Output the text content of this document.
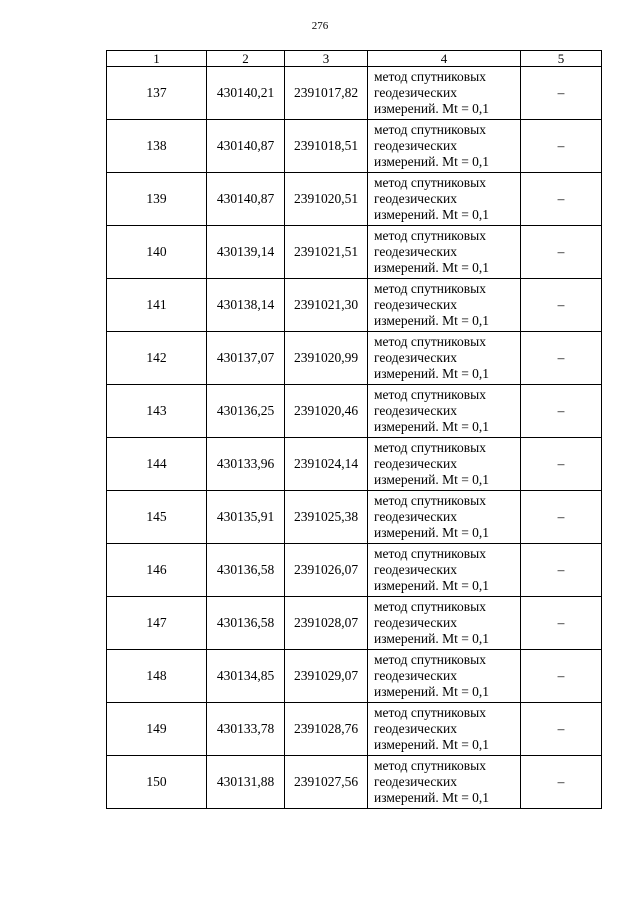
276
1	2	3	4	5
137	430140,21	2391017,82	метод спутниковых
геодезических
измерений. Mt = 0,1	–
138	430140,87	2391018,51	метод спутниковых
геодезических
измерений. Mt = 0,1	–
139	430140,87	2391020,51	метод спутниковых
геодезических
измерений. Mt = 0,1	–
140	430139,14	2391021,51	метод спутниковых
геодезических
измерений. Mt = 0,1	–
141	430138,14	2391021,30	метод спутниковых
геодезических
измерений. Mt = 0,1	–
142	430137,07	2391020,99	метод спутниковых
геодезических
измерений. Mt = 0,1	–
143	430136,25	2391020,46	метод спутниковых
геодезических
измерений. Mt = 0,1	–
144	430133,96	2391024,14	метод спутниковых
геодезических
измерений. Mt = 0,1	–
145	430135,91	2391025,38	метод спутниковых
геодезических
измерений. Mt = 0,1	–
146	430136,58	2391026,07	метод спутниковых
геодезических
измерений. Mt = 0,1	–
147	430136,58	2391028,07	метод спутниковых
геодезических
измерений. Mt = 0,1	–
148	430134,85	2391029,07	метод спутниковых
геодезических
измерений. Mt = 0,1	–
149	430133,78	2391028,76	метод спутниковых
геодезических
измерений. Mt = 0,1	–
150	430131,88	2391027,56	метод спутниковых
геодезических
измерений. Mt = 0,1	–
